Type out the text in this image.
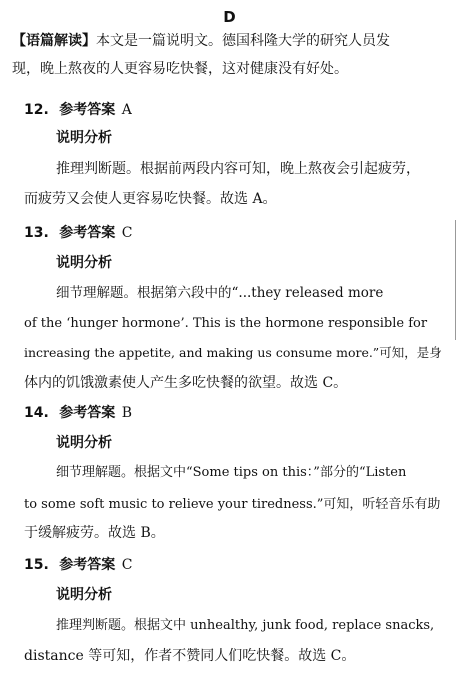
D
【语篇解读】本文是一篇说明文。德国科隆大学的研究人员发
现，晚上熬夜的人更容易吃快餐，这对健康没有好处。
12. 参考答案 A
说明分析
推理判断题。根据前两段内容可知，晚上熬夜会引起疲劳，
而疲劳又会使人更容易吃快餐。故选 A。
13. 参考答案 C
说明分析
细节理解题。根据第六段中的“...they released more
of the ‘hunger hormone’. This is the hormone responsible for
increasing the appetite, and making us consume more.”可知，是身
体内的饥饿激素使人产生多吃快餐的欲望。故选 C。
14. 参考答案 B
说明分析
细节理解题。根据文中“Some tips on this：”部分的“Listen
to some soft music to relieve your tiredness.”可知，听轻音乐有助
于缓解疲劳。故选 B。
15. 参考答案 C
说明分析
推理判断题。根据文中 unhealthy, junk food, replace snacks,
distance 等可知，作者不赞同人们吃快餐。故选 C。
